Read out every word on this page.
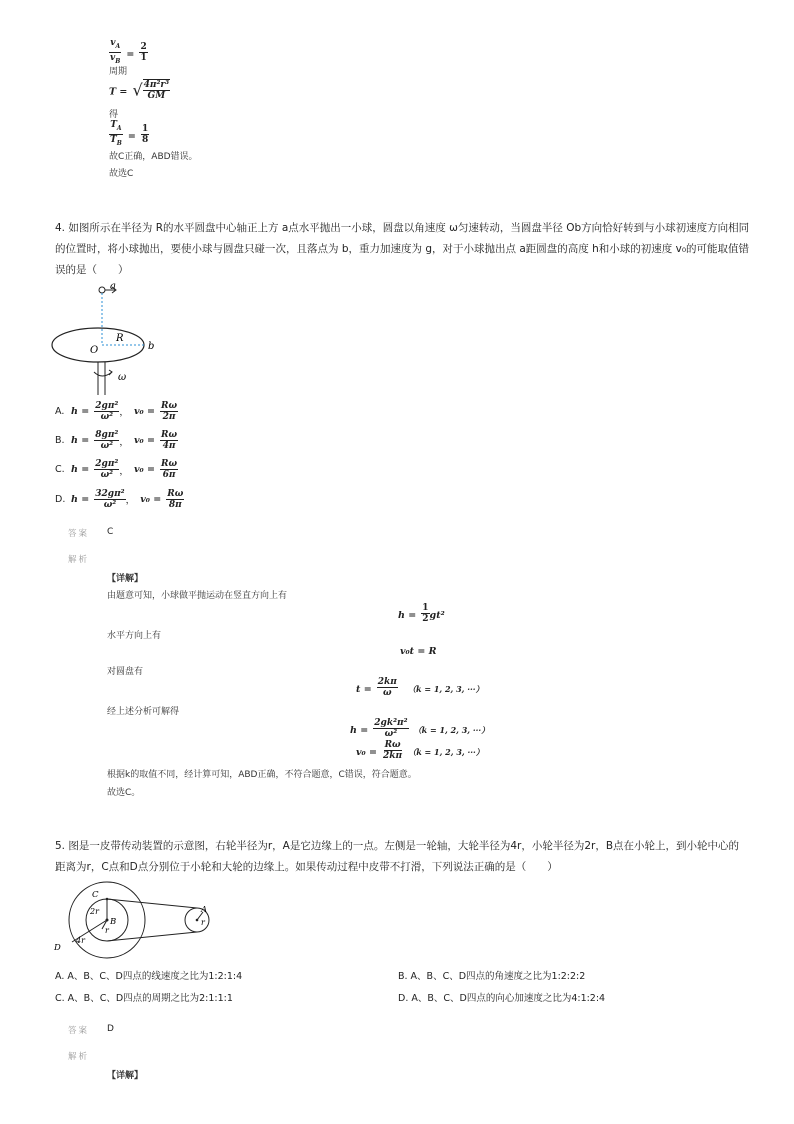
$\frac{v_A}{v_B} = \frac{2}{1}$
周期
T = √ $\frac{\text{4π²r³}}{GM}$
得
$\frac{T_A}{T_B} = \frac{1}{8}$
故C正确，ABD错误。
故选C
4. 如图所示在半径为 R的水平圆盘中心轴正上方 a点水平抛出一小球，圆盘以角速度 ω匀速转动，当圆盘半径 Ob方向恰好转到与小球初速度方向相同
的位置时，将小球抛出，要使小球与圆盘只碰一次，且落点为 b，重力加速度为 g，对于小球抛出点 a距圆盘的高度 h和小球的初速度 v₀的可能取值错
误的是（　　）
a
O
R
b
ω
A. h =
$\frac{\text{2gπ²}}{\text{ω²}}$ ，
v₀ =
$\frac{R\omega}{2\pi}$
B. h =
$\frac{\text{8gπ²}}{\text{ω²}}$ ，
v₀ =
$\frac{R\omega}{4\pi}$
C. h =
$\frac{\text{2gπ²}}{\text{ω²}}$ ，
v₀ =
$\frac{R\omega}{6\pi}$
D. h =
$\frac{\text{32gπ²}}{\text{ω²}}$ ，
v₀ =
$\frac{R\omega}{8\pi}$
答案 C
解析
【详解】
由题意可知，小球做平抛运动在竖直方向上有
$h = \frac{1}{2} gt^2$
水平方向上有
v₀t = R
对圆盘有
$t = \frac{2k\pi}{\omega} (k = 1$, 2, 3, ···）
经上述分析可解得
$h = \frac{\text{2gk²π²}}{\text{ω²}} (k = 1$, 2, 3, ···）
$v_0 = \frac{R\omega}{2k\pi} (k = 1$, 2, 3, ···）
根据k的取值不同，经计算可知，ABD正确，不符合题意，C错误，符合题意。
故选C。
5. 图是一皮带传动装置的示意图，右轮半径为r，A是它边缘上的一点。左侧是一轮轴，大轮半径为4r，小轮半径为2r，B点在小轮上，到小轮中心的
距离为r，C点和D点分别位于小轮和大轮的边缘上。如果传动过程中皮带不打滑，下列说法正确的是（　　）
C
2r
B
r
4r
D
A
r
A. A、B、C、D四点的线速度之比为1:2:1:4	B. A、B、C、D四点的角速度之比为1:2:2:2
C. A、B、C、D四点的周期之比为2:1:1:1	D. A、B、C、D四点的向心加速度之比为4:1:2:4
答案 D
解析
【详解】
